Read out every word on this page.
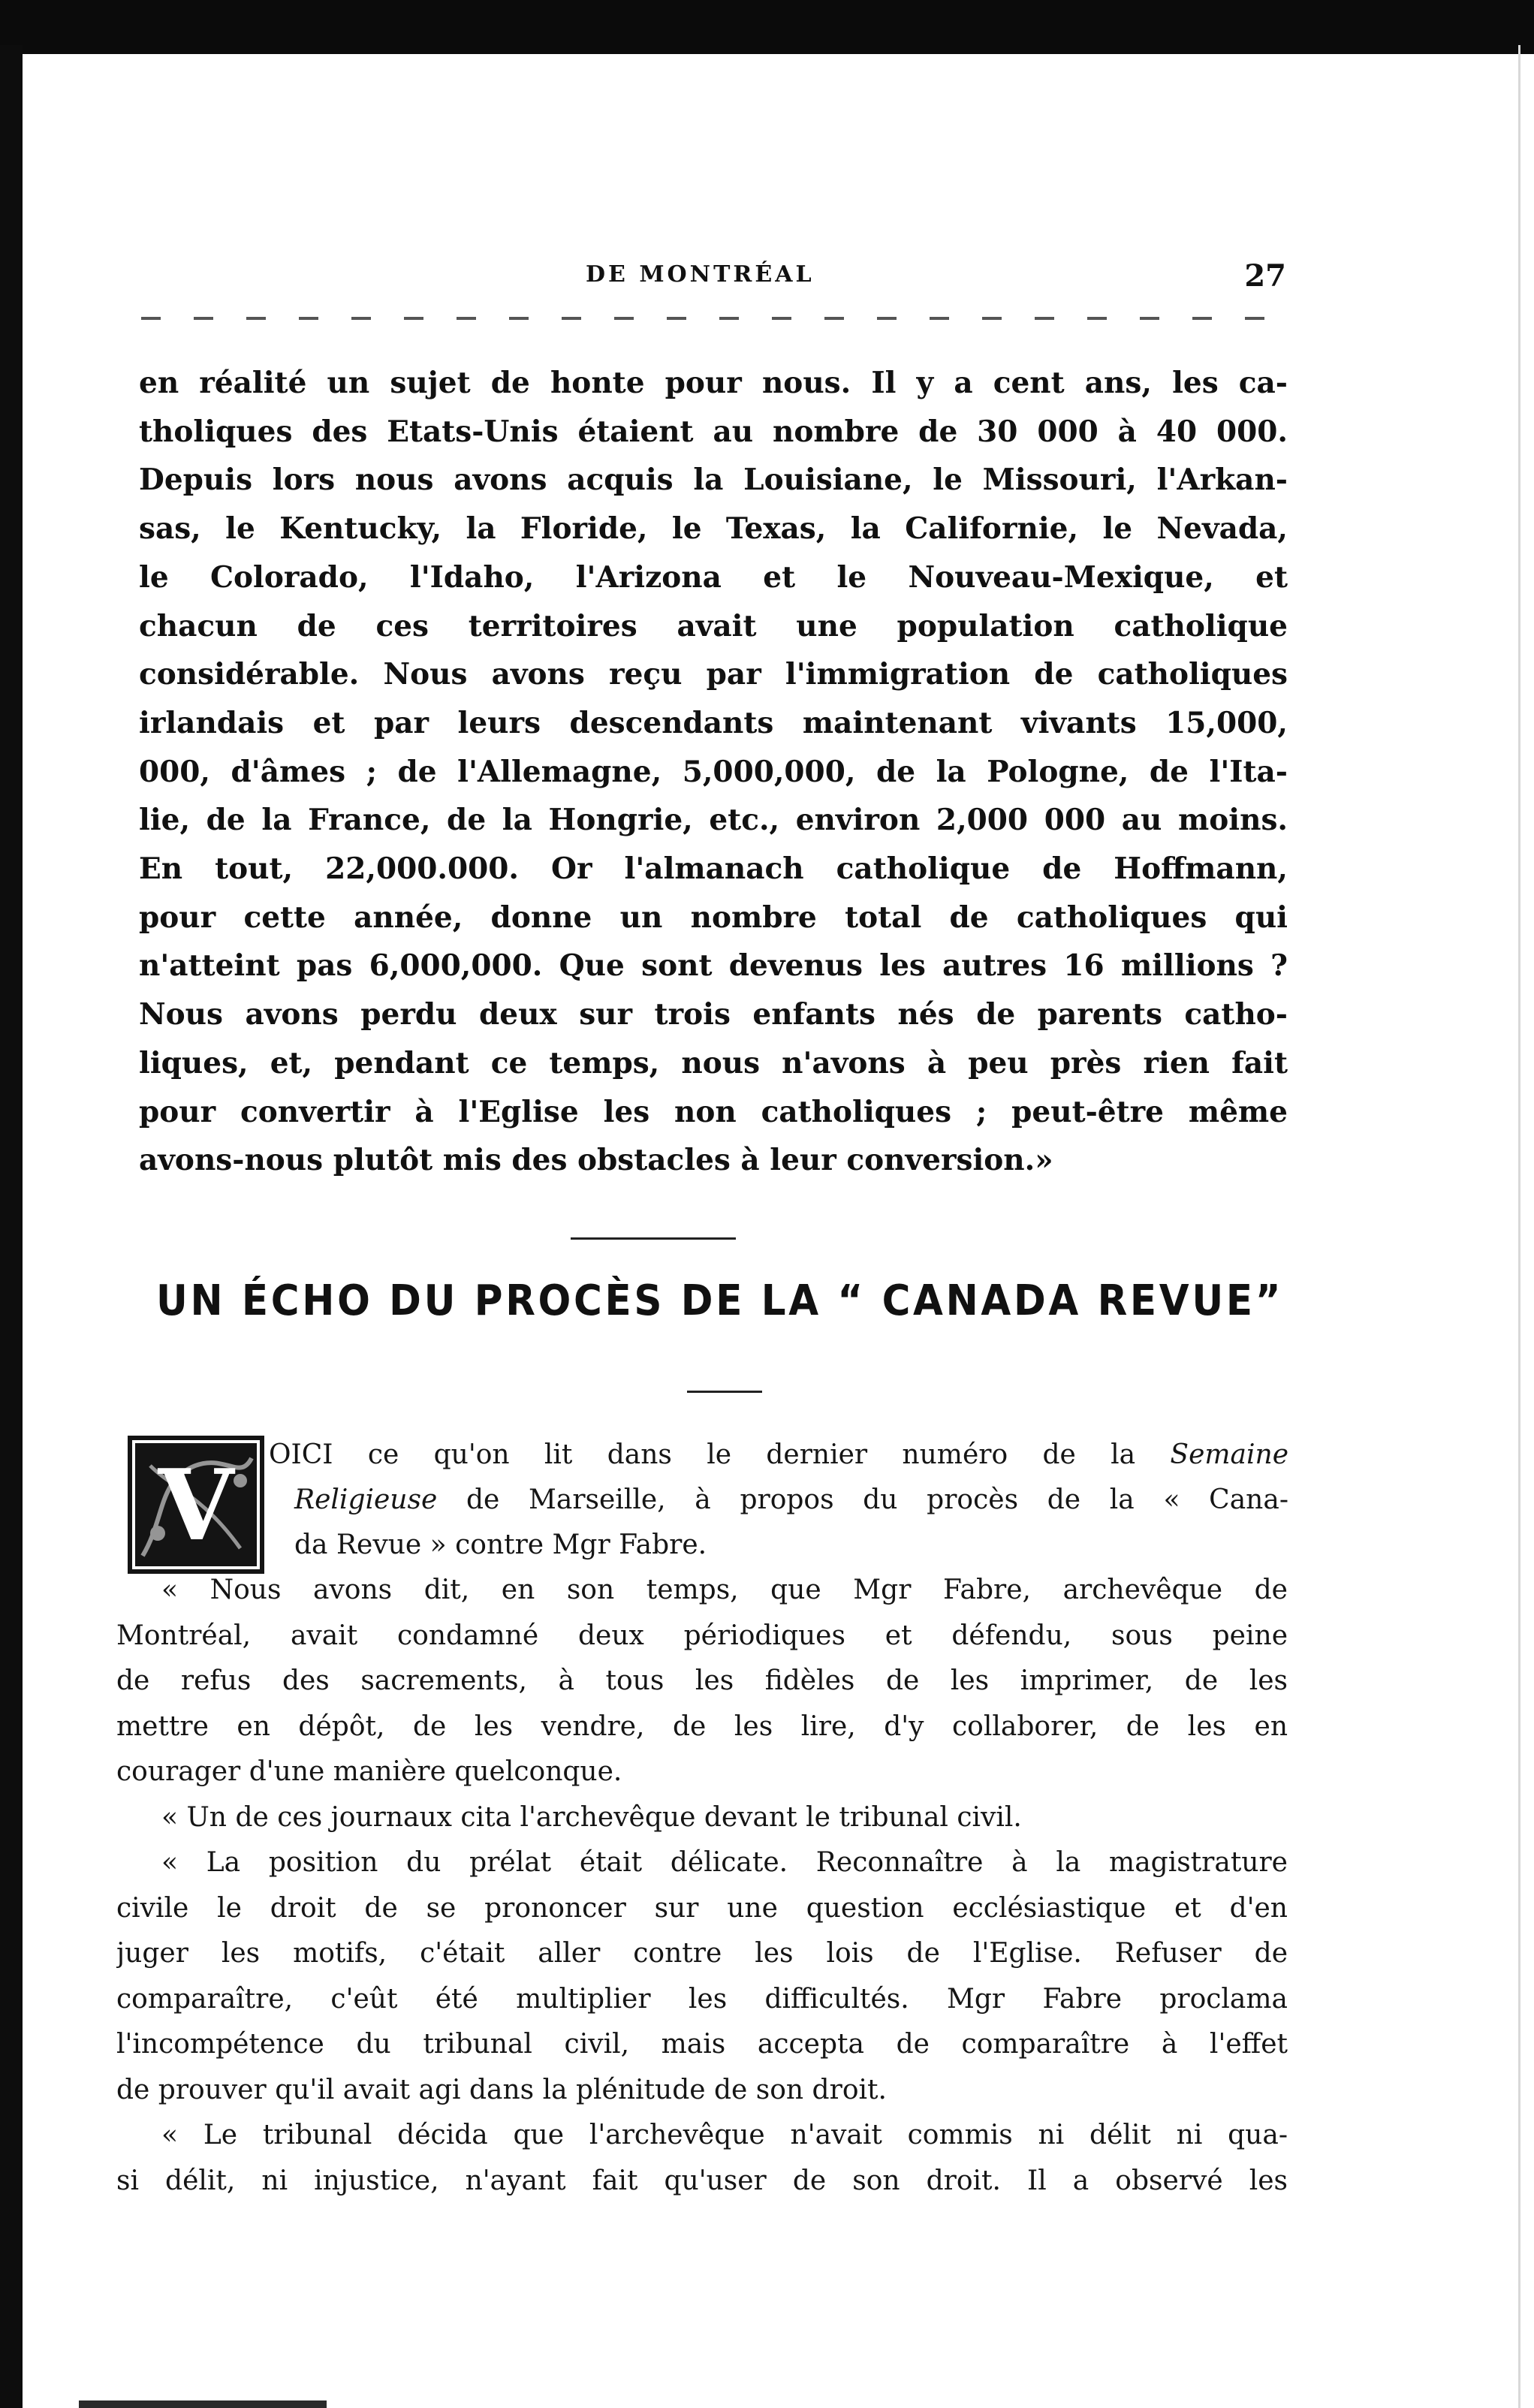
DE MONTRÉAL	27
en réalité un sujet de honte pour nous. Il y a cent ans, les ca-
tholiques des Etats-Unis étaient au nombre de 30 000 à 40 000.
Depuis lors nous avons acquis la Louisiane, le Missouri, l'Arkan-
sas, le Kentucky, la Floride, le Texas, la Californie, le Nevada,
le Colorado, l'Idaho, l'Arizona et le Nouveau-Mexique, et
chacun de ces territoires avait une population catholique
considérable. Nous avons reçu par l'immigration de catholiques
irlandais et par leurs descendants maintenant vivants 15,000,
000, d'âmes ; de l'Allemagne, 5,000,000, de la Pologne, de l'Ita-
lie, de la France, de la Hongrie, etc., environ 2,000 000 au moins.
En tout, 22,000.000. Or l'almanach catholique de Hoffmann,
pour cette année, donne un nombre total de catholiques qui
n'atteint pas 6,000,000. Que sont devenus les autres 16 millions ?
Nous avons perdu deux sur trois enfants nés de parents catho-
liques, et, pendant ce temps, nous n'avons à peu près rien fait
pour convertir à l'Eglise les non catholiques ; peut-être même
avons-nous plutôt mis des obstacles à leur conversion.»
UN ÉCHO DU PROCÈS DE LA “ CANADA REVUE”
V OICI ce qu'on lit dans le dernier numéro de la Semaine
Religieuse de Marseille, à propos du procès de la « Cana-
da Revue » contre Mgr Fabre.
« Nous avons dit, en son temps, que Mgr Fabre, archevêque de
Montréal, avait condamné deux périodiques et défendu, sous peine
de refus des sacrements, à tous les fidèles de les imprimer, de les
mettre en dépôt, de les vendre, de les lire, d'y collaborer, de les en
courager d'une manière quelconque.
« Un de ces journaux cita l'archevêque devant le tribunal civil.
« La position du prélat était délicate. Reconnaître à la magistrature
civile le droit de se prononcer sur une question ecclésiastique et d'en
juger les motifs, c'était aller contre les lois de l'Eglise. Refuser de
comparaître, c'eût été multiplier les difficultés. Mgr Fabre proclama
l'incompétence du tribunal civil, mais accepta de comparaître à l'effet
de prouver qu'il avait agi dans la plénitude de son droit.
« Le tribunal décida que l'archevêque n'avait commis ni délit ni qua-
si délit, ni injustice, n'ayant fait qu'user de son droit. Il a observé les
